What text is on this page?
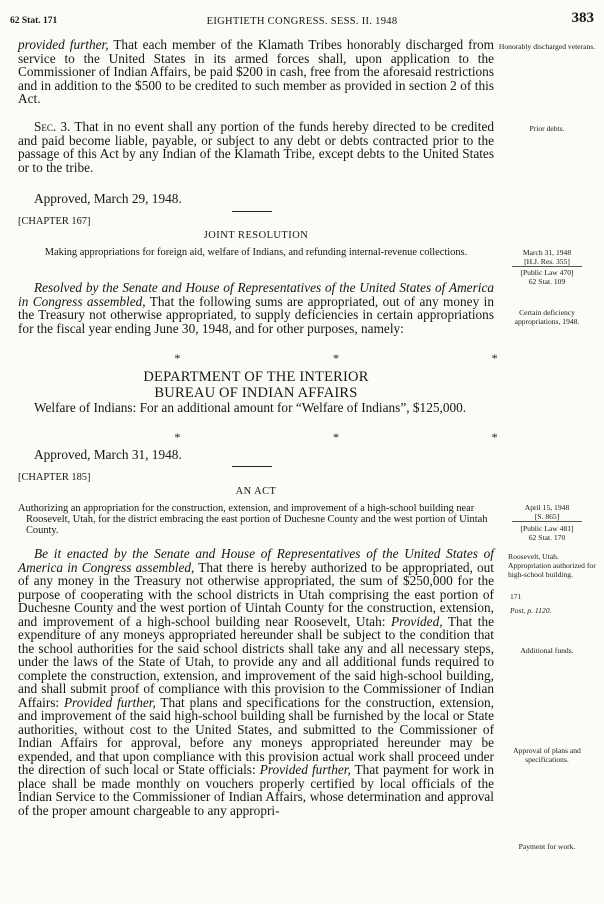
62 Stat. 171	EIGHTIETH CONGRESS. SESS. II. 1948	383

provided further, That each member of the Klamath Tribes honorably discharged from service to the United States in its armed forces shall, upon application to the Commissioner of Indian Affairs, be paid $200 in cash, free from the aforesaid restrictions and in addition to the $500 to be credited to such member as provided in section 2 of this Act.

Sec. 3. That in no event shall any portion of the funds hereby directed to be credited and paid become liable, payable, or subject to any debt or debts contracted prior to the passage of this Act by any Indian of the Klamath Tribe, except debts to the United States or to the tribe.

Approved, March 29, 1948.
[CHAPTER 167]
JOINT RESOLUTION
Making appropriations for foreign aid, welfare of Indians, and refunding internal-revenue collections.

Resolved by the Senate and House of Representatives of the United States of America in Congress assembled, That the following sums are appropriated, out of any money in the Treasury not otherwise appropriated, to supply deficiencies in certain appropriations for the fiscal year ending June 30, 1948, and for other purposes, namely:

*	*	*
DEPARTMENT OF THE INTERIOR
BUREAU OF INDIAN AFFAIRS
Welfare of Indians: For an additional amount for “Welfare of Indians”, $125,000.
*	*	*
Approved, March 31, 1948.
[CHAPTER 185]
AN ACT
Authorizing an appropriation for the construction, extension, and improvement of a high-school building near Roosevelt, Utah, for the district embracing the east portion of Duchesne County and the west portion of Uintah County.

Be it enacted by the Senate and House of Representatives of the United States of America in Congress assembled, That there is hereby authorized to be appropriated, out of any money in the Treasury not otherwise appropriated, the sum of $250,000 for the purpose of cooperating with the school districts in Utah comprising the east portion of Duchesne County and the west portion of Uintah County for the construction, extension, and improvement of a high-school building near Roosevelt, Utah: Provided, That the expenditure of any moneys appropriated hereunder shall be subject to the condition that the school authorities for the said school districts shall take any and all necessary steps, under the laws of the State of Utah, to provide any and all additional funds required to complete the construction, extension, and improvement of the said high-school building, and shall submit proof of compliance with this provision to the Commissioner of Indian Affairs: Provided further, That plans and specifications for the construction, extension, and improvement of the said high-school building shall be furnished by the local or State authorities, without cost to the United States, and submitted to the Commissioner of Indian Affairs for approval, before any moneys appropriated hereunder may be expended, and that upon compliance with this provision actual work shall proceed under the direction of such local or State officials: Provided further, That payment for work in place shall be made monthly on vouchers properly certified by local officials of the Indian Service to the Commissioner of Indian Affairs, whose determination and approval of the proper amount chargeable to any appropri-

Honorably discharged veterans.
Prior debts.
March 31, 1948
[H.J. Res. 355]
[Public Law 470]
62 Stat. 109
Certain deficiency appropriations, 1948.
April 15, 1948
[S. 865]
[Public Law 481]
62 Stat. 170
Roosevelt, Utah. Appropriation authorized for high-school building.
171
Post, p. 1120.
Additional funds.
Approval of plans and specifications.
Payment for work.
